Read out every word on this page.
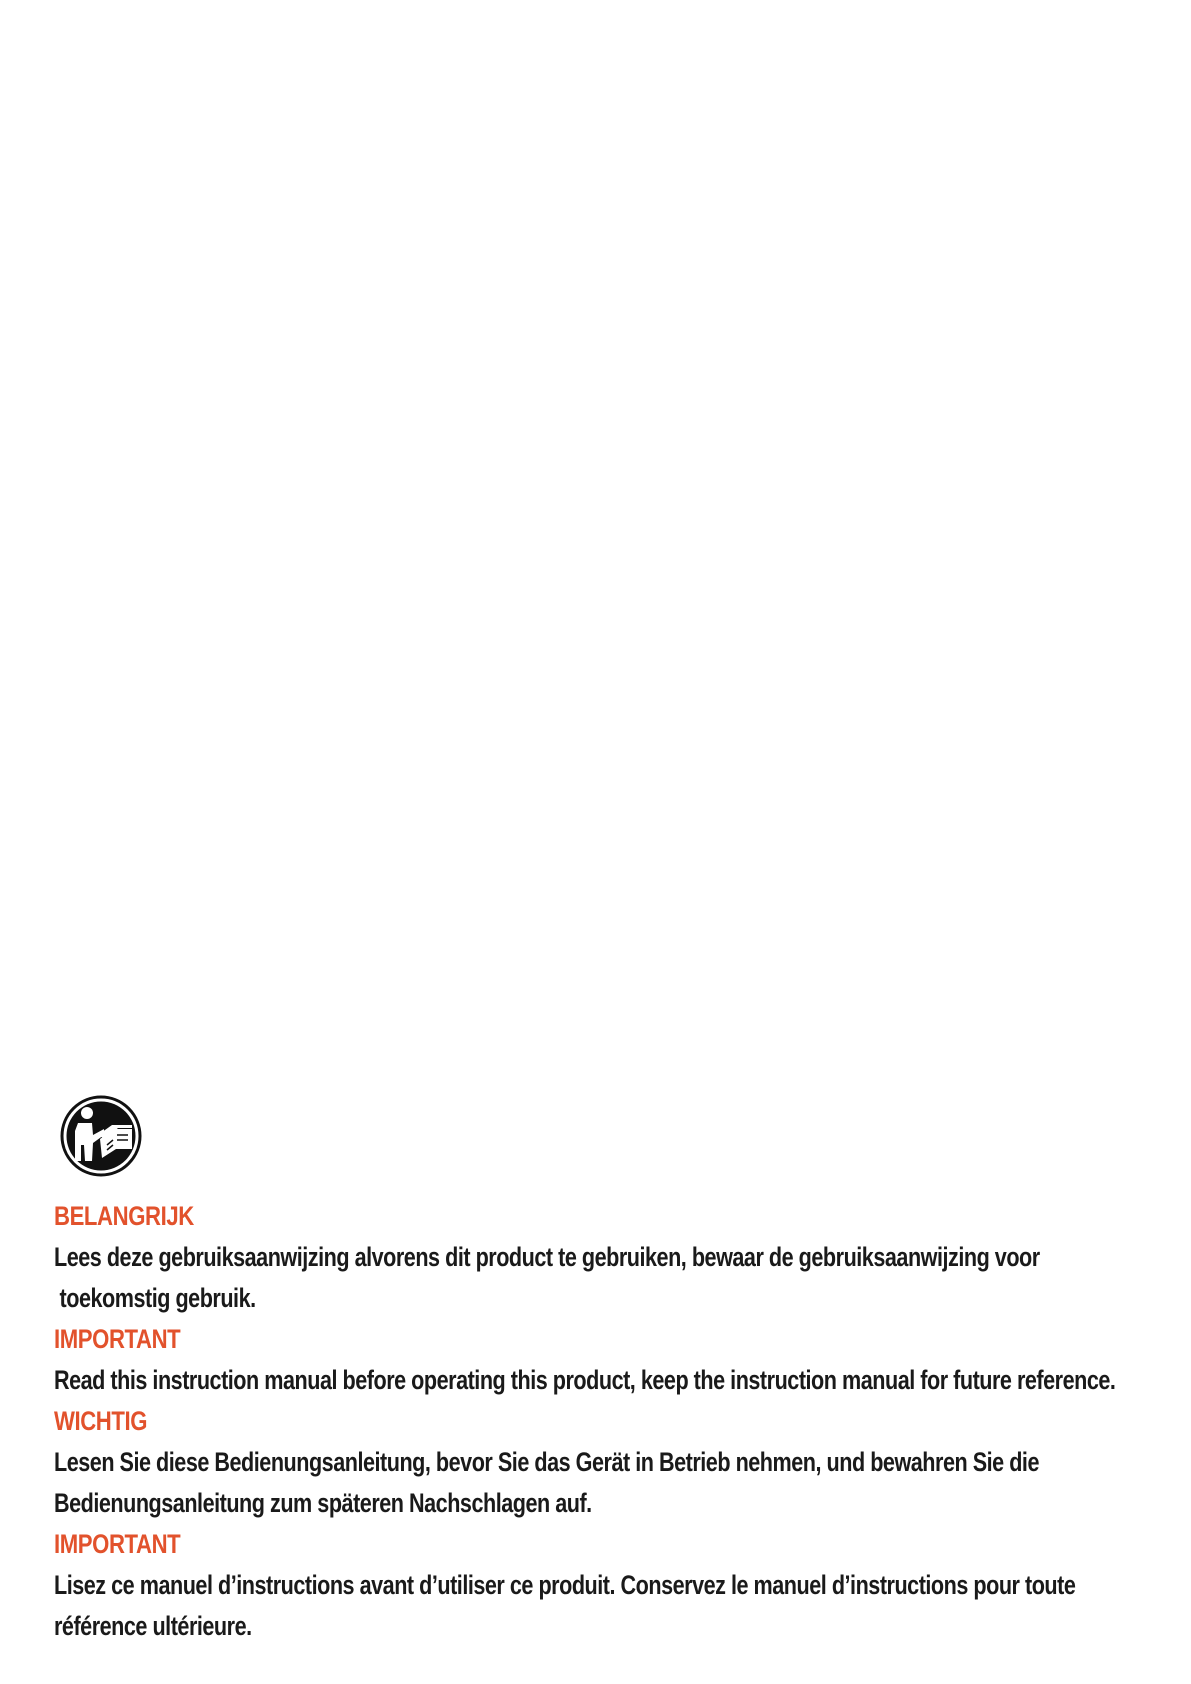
BELANGRIJK
Lees deze gebruiksaanwijzing alvorens dit product te gebruiken, bewaar de gebruiksaanwijzing voor
toekomstig gebruik.
IMPORTANT
Read this instruction manual before operating this product, keep the instruction manual for future reference.
WICHTIG
Lesen Sie diese Bedienungsanleitung, bevor Sie das Gerät in Betrieb nehmen, und bewahren Sie die
Bedienungsanleitung zum späteren Nachschlagen auf.
IMPORTANT
Lisez ce manuel d’instructions avant d’utiliser ce produit. Conservez le manuel d’instructions pour toute
référence ultérieure.
